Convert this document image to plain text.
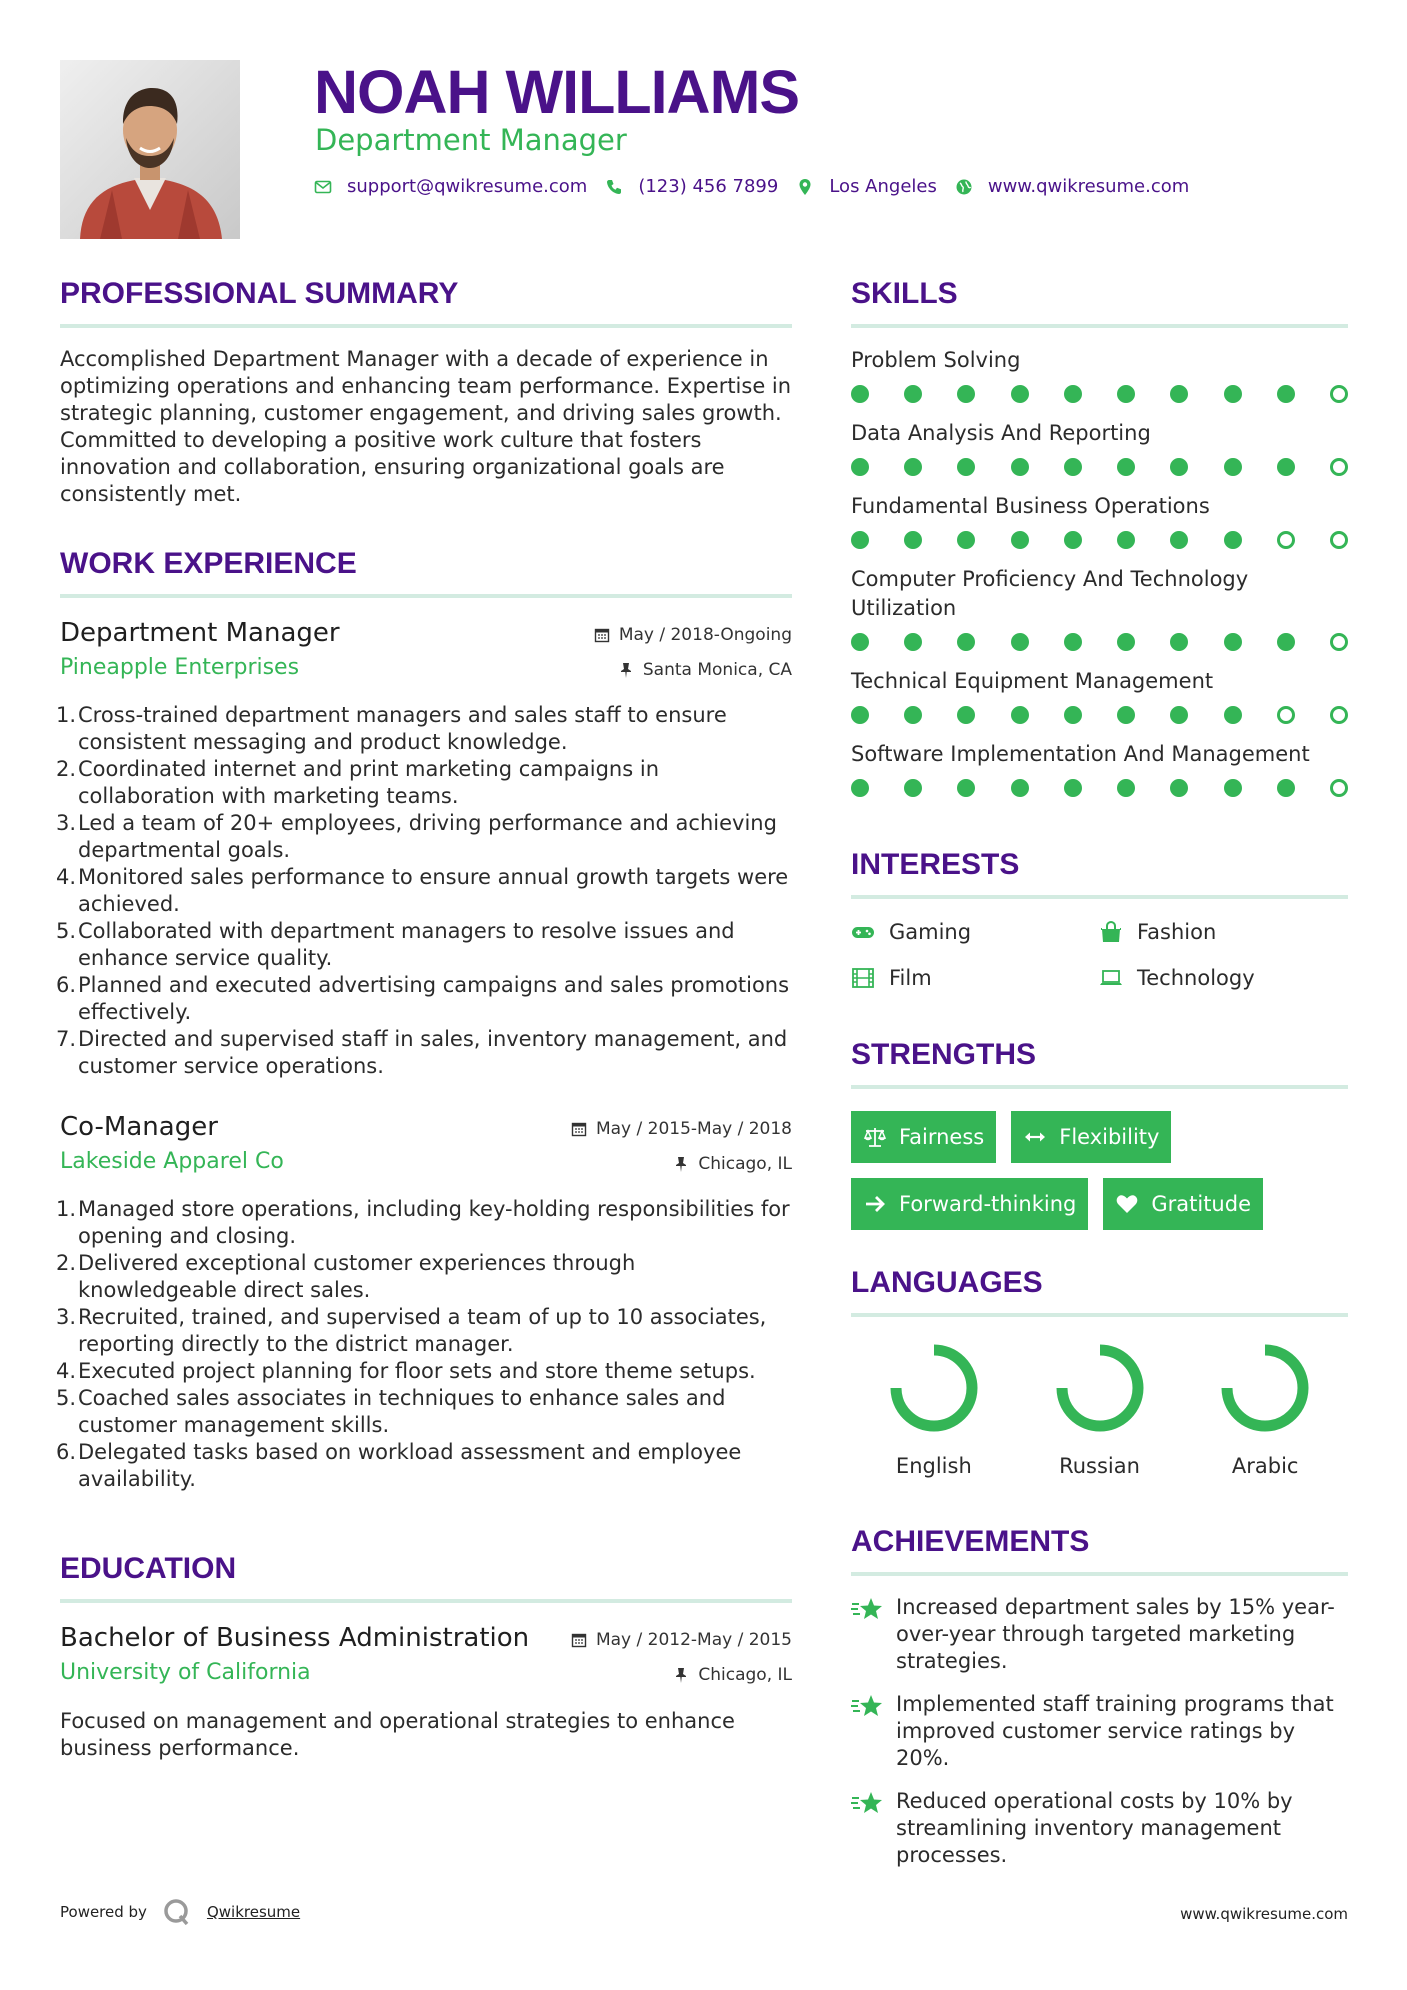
NOAH WILLIAMS
Department Manager
support@qwikresume.com	(123) 456 7899	Los Angeles	www.qwikresume.com
PROFESSIONAL SUMMARY

Accomplished Department Manager with a decade of experience in optimizing operations and enhancing team performance. Expertise in strategic planning, customer engagement, and driving sales growth. Committed to developing a positive work culture that fosters innovation and collaboration, ensuring organizational goals are consistently met.

WORK EXPERIENCE
Department Manager
Pineapple Enterprises
May / 2018-Ongoing
Santa Monica, CA
1. Cross-trained department managers and sales staff to ensure consistent messaging and product knowledge.
2. Coordinated internet and print marketing campaigns in collaboration with marketing teams.
3. Led a team of 20+ employees, driving performance and achieving departmental goals.
4. Monitored sales performance to ensure annual growth targets were achieved.
5. Collaborated with department managers to resolve issues and enhance service quality.
6. Planned and executed advertising campaigns and sales promotions effectively.
7. Directed and supervised staff in sales, inventory management, and customer service operations.
Co-Manager
Lakeside Apparel Co
May / 2015-May / 2018
Chicago, IL
1. Managed store operations, including key-holding responsibilities for opening and closing.
2. Delivered exceptional customer experiences through knowledgeable direct sales.
3. Recruited, trained, and supervised a team of up to 10 associates, reporting directly to the district manager.
4. Executed project planning for floor sets and store theme setups.
5. Coached sales associates in techniques to enhance sales and customer management skills.
6. Delegated tasks based on workload assessment and employee availability.
EDUCATION
Bachelor of Business Administration
University of California
May / 2012-May / 2015
Chicago, IL

Focused on management and operational strategies to enhance business performance.

SKILLS
Problem Solving
Data Analysis And Reporting
Fundamental Business Operations
Computer Proficiency And Technology Utilization
Technical Equipment Management
Software Implementation And Management
INTERESTS
Gaming	Fashion
Film	Technology
STRENGTHS
Fairness	Flexibility
Forward-thinking	Gratitude
LANGUAGES
English	Russian	Arabic
ACHIEVEMENTS
Increased department sales by 15% year-over-year through targeted marketing strategies.
Implemented staff training programs that improved customer service ratings by 20%.
Reduced operational costs by 10% by streamlining inventory management processes.
Powered by	Qwikresume	www.qwikresume.com
